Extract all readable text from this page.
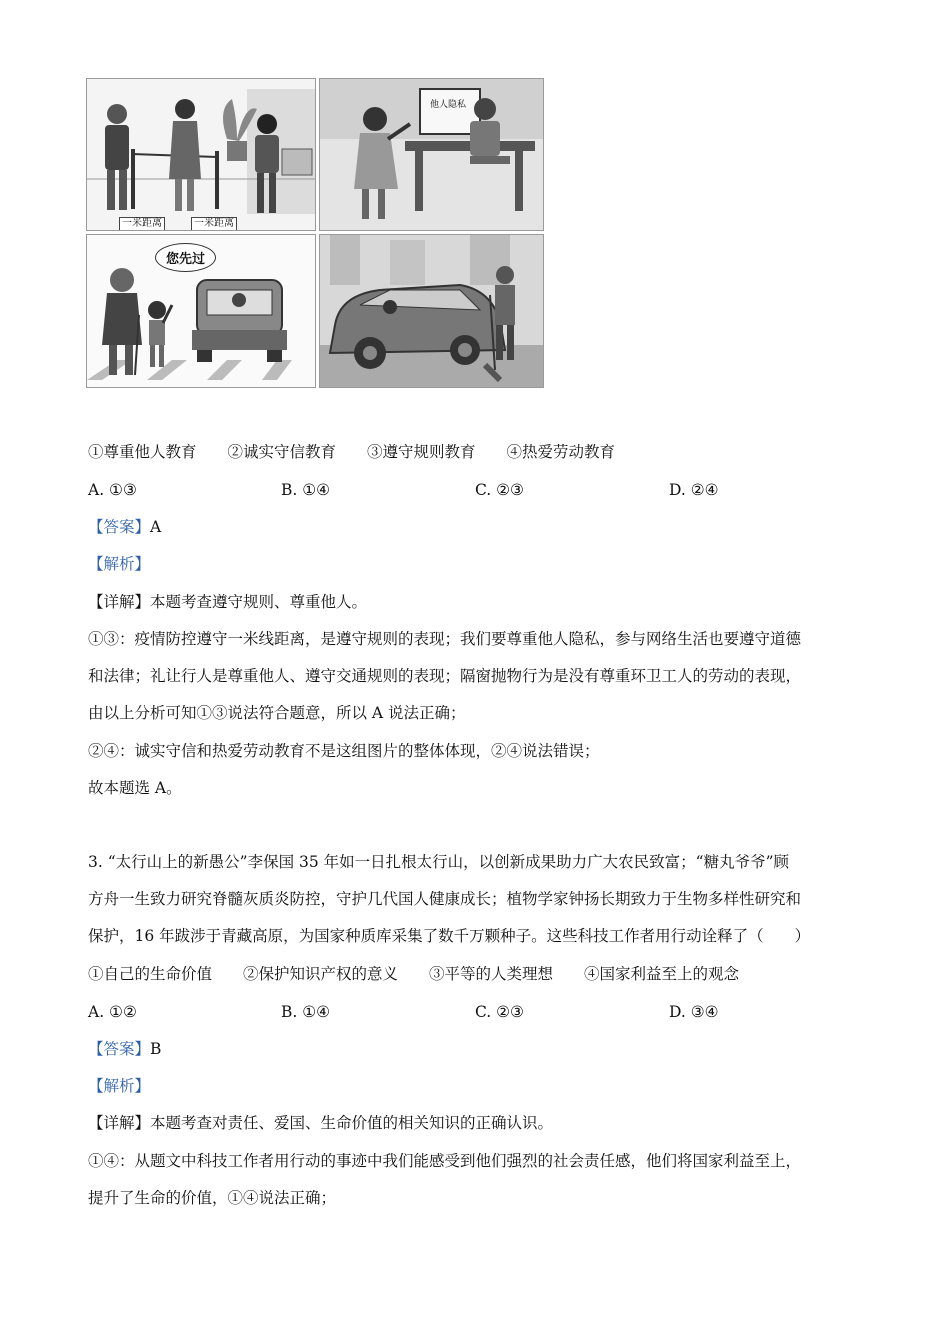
一米距离	一米距离
他人隐私
您先过
①尊重他人教育　　②诚实守信教育　　③遵守规则教育　　④热爱劳动教育
A. ①③	B. ①④	C. ②③	D. ②④
【答案】A
【解析】
【详解】本题考查遵守规则、尊重他人。
①③：疫情防控遵守一米线距离，是遵守规则的表现；我们要尊重他人隐私，参与网络生活也要遵守道德
和法律；礼让行人是尊重他人、遵守交通规则的表现；隔窗抛物行为是没有尊重环卫工人的劳动的表现，
由以上分析可知①③说法符合题意，所以 A 说法正确；
②④：诚实守信和热爱劳动教育不是这组图片的整体体现，②④说法错误；
故本题选 A。
3. “太行山上的新愚公”李保国 35 年如一日扎根太行山，以创新成果助力广大农民致富；“糖丸爷爷”顾
方舟一生致力研究脊髓灰质炎防控，守护几代国人健康成长；植物学家钟扬长期致力于生物多样性研究和
保护，16 年跋涉于青藏高原，为国家种质库采集了数千万颗种子。这些科技工作者用行动诠释了（　　）
①自己的生命价值　　②保护知识产权的意义　　③平等的人类理想　　④国家利益至上的观念
A. ①②	B. ①④	C. ②③	D. ③④
【答案】B
【解析】
【详解】本题考查对责任、爱国、生命价值的相关知识的正确认识。
①④：从题文中科技工作者用行动的事迹中我们能感受到他们强烈的社会责任感，他们将国家利益至上，
提升了生命的价值，①④说法正确；
